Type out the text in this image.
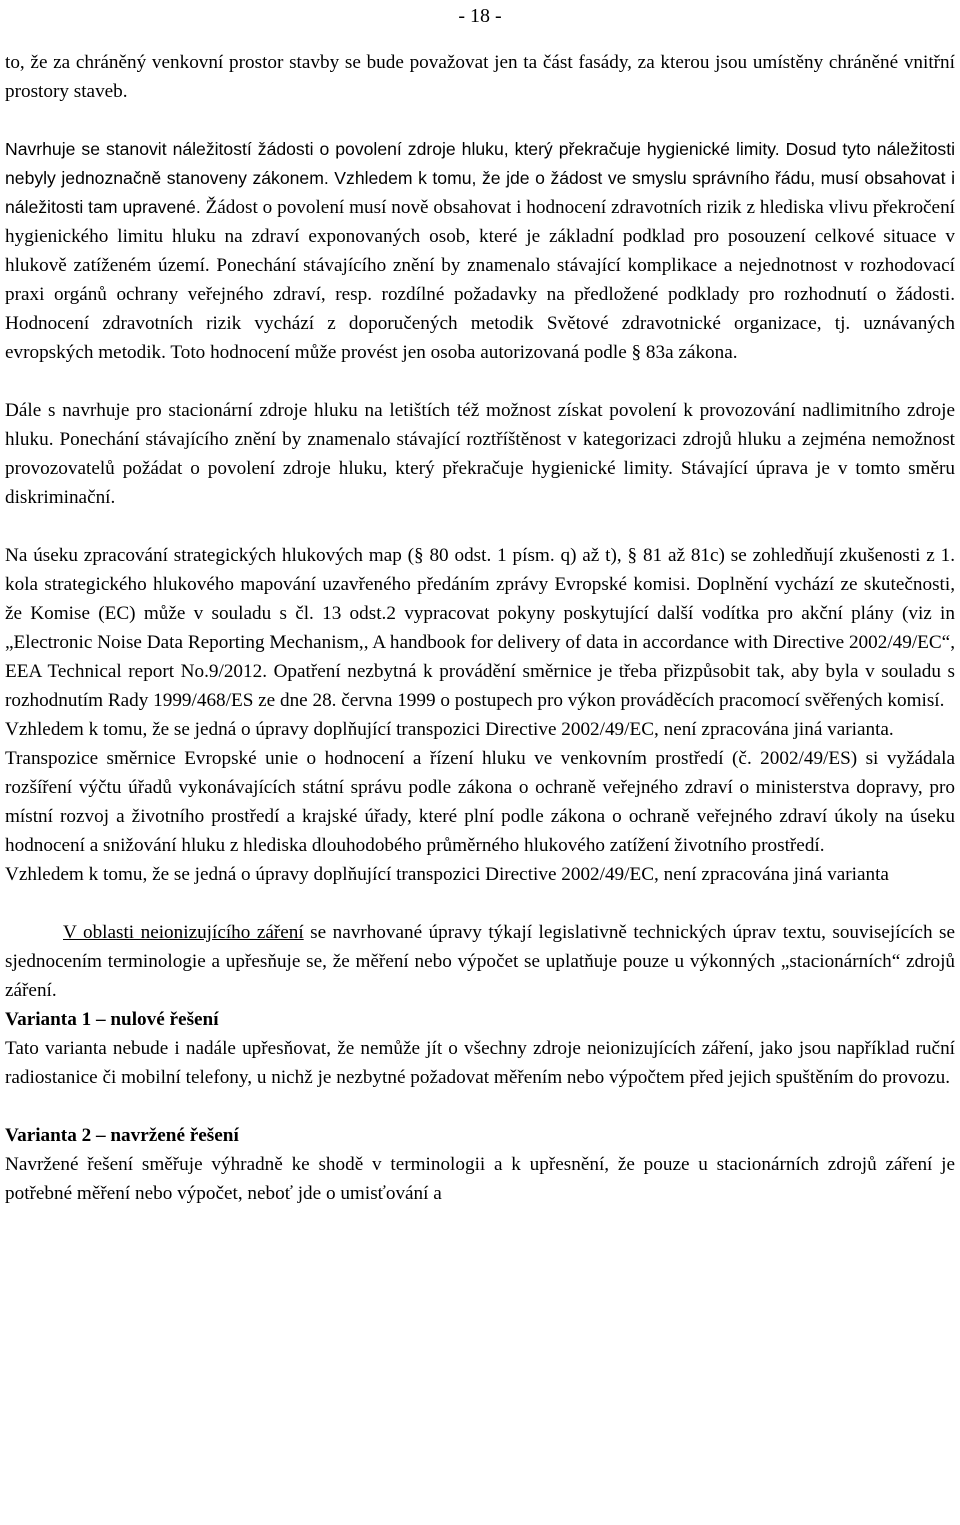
- 18 -

to, že za chráněný venkovní prostor stavby se bude považovat jen ta část fasády, za kterou jsou umístěny chráněné vnitřní prostory staveb.

Navrhuje se stanovit náležitostí žádosti o povolení zdroje hluku, který překračuje hygienické limity. Dosud tyto náležitosti nebyly jednoznačně stanoveny zákonem. Vzhledem k tomu, že jde o žádost ve smyslu správního řádu, musí obsahovat i náležitosti tam upravené. Žádost o povolení musí nově obsahovat i hodnocení zdravotních rizik z hlediska vlivu překročení hygienického limitu hluku na zdraví exponovaných osob, které je základní podklad pro posouzení celkové situace v hlukově zatíženém území. Ponechání stávajícího znění by znamenalo stávající komplikace a nejednotnost v rozhodovací praxi orgánů ochrany veřejného zdraví, resp. rozdílné požadavky na předložené podklady pro rozhodnutí o žádosti. Hodnocení zdravotních rizik vychází z doporučených metodik Světové zdravotnické organizace, tj. uznávaných evropských metodik. Toto hodnocení může provést jen osoba autorizovaná podle § 83a zákona.

Dále s navrhuje pro stacionární zdroje hluku na letištích též možnost získat povolení k provozování nadlimitního zdroje hluku. Ponechání stávajícího znění by znamenalo stávající roztříštěnost v kategorizaci zdrojů hluku a zejména nemožnost provozovatelů požádat o povolení zdroje hluku, který překračuje hygienické limity. Stávající úprava je v tomto směru diskriminační.

Na úseku zpracování strategických hlukových map (§ 80 odst. 1 písm. q) až t), § 81 až 81c) se zohledňují zkušenosti z 1. kola strategického hlukového mapování uzavřeného předáním zprávy Evropské komisi. Doplnění vychází ze skutečnosti, že Komise (EC) může v souladu s čl. 13 odst.2 vypracovat pokyny poskytující další vodítka pro akční plány (viz in „Electronic Noise Data Reporting Mechanism,, A handbook for delivery of data in accordance with Directive 2002/49/EC“, EEA Technical report No.9/2012. Opatření nezbytná k provádění směrnice je třeba přizpůsobit tak, aby byla v souladu s rozhodnutím Rady 1999/468/ES ze dne 28. června 1999 o postupech pro výkon prováděcích pracomocí svěřených komisí.

Vzhledem k tomu, že se jedná o úpravy doplňující transpozici Directive 2002/49/EC, není zpracována jiná varianta.

Transpozice směrnice Evropské unie o hodnocení a řízení hluku ve venkovním prostředí (č. 2002/49/ES) si vyžádala rozšíření výčtu úřadů vykonávajících státní správu podle zákona o ochraně veřejného zdraví o ministerstva dopravy, pro místní rozvoj a životního prostředí a krajské úřady, které plní podle zákona o ochraně veřejného zdraví úkoly na úseku hodnocení a snižování hluku z hlediska dlouhodobého průměrného hlukového zatížení životního prostředí.

Vzhledem k tomu, že se jedná o úpravy doplňující transpozici Directive 2002/49/EC, není zpracována jiná varianta

V oblasti neionizujícího záření se navrhované úpravy týkají legislativně technických úprav textu, souvisejících se sjednocením terminologie a upřesňuje se, že měření nebo výpočet se uplatňuje pouze u výkonných „stacionárních“ zdrojů záření.

Varianta 1 – nulové řešení

Tato varianta nebude i nadále upřesňovat, že nemůže jít o všechny zdroje neionizujících záření, jako jsou například ruční radiostanice či mobilní telefony, u nichž je nezbytné požadovat měřením nebo výpočtem před jejich spuštěním do provozu.

Varianta 2 – navržené řešení

Navržené řešení směřuje výhradně ke shodě v terminologii a k upřesnění, že pouze u stacionárních zdrojů záření je potřebné měření nebo výpočet, neboť jde o umisťování a
